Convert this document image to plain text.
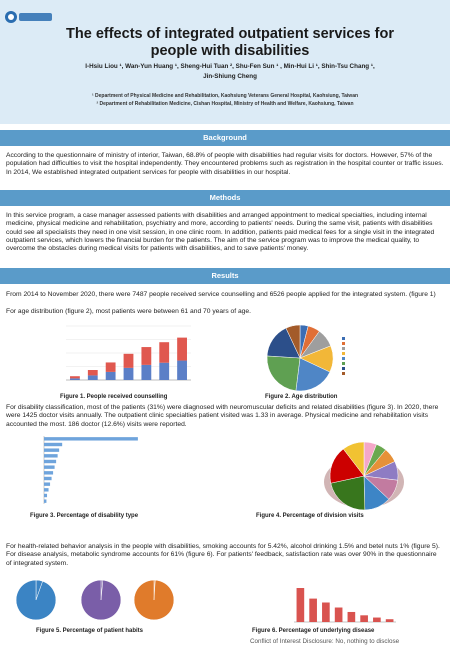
The effects of integrated outpatient services for
people with disabilities
I-Hsiu Liou ¹, Wan-Yun Huang ¹, Sheng-Hui Tuan ², Shu-Fen Sun ¹ , Min-Hui Li ¹, Shin-Tsu Chang ¹,
Jin-Shiung Cheng
¹ Department of Physical Medicine and Rehabilitation, Kaohsiung Veterans General Hospital, Kaohsiung, Taiwan
² Department of Rehabilitation Medicine, Cishan Hospital, Ministry of Health and Welfare, Kaohsiung, Taiwan
Background
According to the questionnaire of ministry of interior, Taiwan, 68.8% of people with disabilities had regular visits for doctors. However, 57% of the population had difficulties to visit the hospital independently. They encountered problems such as registration in the hospital counter or traffic issues. In 2014, We established integrated outpatient services for people with disabilities in our hospital.
Methods
In this service program, a case manager assessed patients with disabilities and arranged appointment to medical specialties, including internal medicine, physical medicine and rehabilitation, psychiatry and more, according to patients' needs. During the same visit, patients with disabilities could see all specialists they need in one visit session, in one clinic room. In addition, patients paid medical fees for a single visit in the integrated outpatient services, which lowers the financial burden for the patients. The aim of the service program was to improve the medical quality, to overcome the obstacles during medical visits for patients with disabilities, and to save patients' money.
Results
From 2014 to November 2020, there were 7487 people received service counselling and 6526 people applied for the integrated system. (figure 1)
For age distribution (figure 2), most patients were between 61 and 70 years of age.
Figure 1. People received counselling	Figure 2. Age distribution
For disability classification, most of the patients (31%) were diagnosed with neuromuscular deficits and related disabilities (figure 3). In 2020, there were 1425 doctor visits annually. The outpatient clinic specialties patient visited was 1.33 in average. Physical medicine and rehabilitation visits accounted the most. 186 doctor (12.6%) visits were reported.
Figure 3. Percentage of disability type	Figure 4. Percentage of division visits
For health-related behavior analysis in the people with disabilities, smoking accounts for 5.42%, alcohol drinking 1.5% and betel nuts 1% (figure 5). For disease analysis, metabolic syndrome accounts for 61% (figure 6). For patients' feedback, satisfaction rate was over 90% in the questionnaire of integrated system.
Figure 5. Percentage of patient habits	Figure 6. Percentage of underlying disease
Conflict of Interest Disclosure: No, nothing to disclose
